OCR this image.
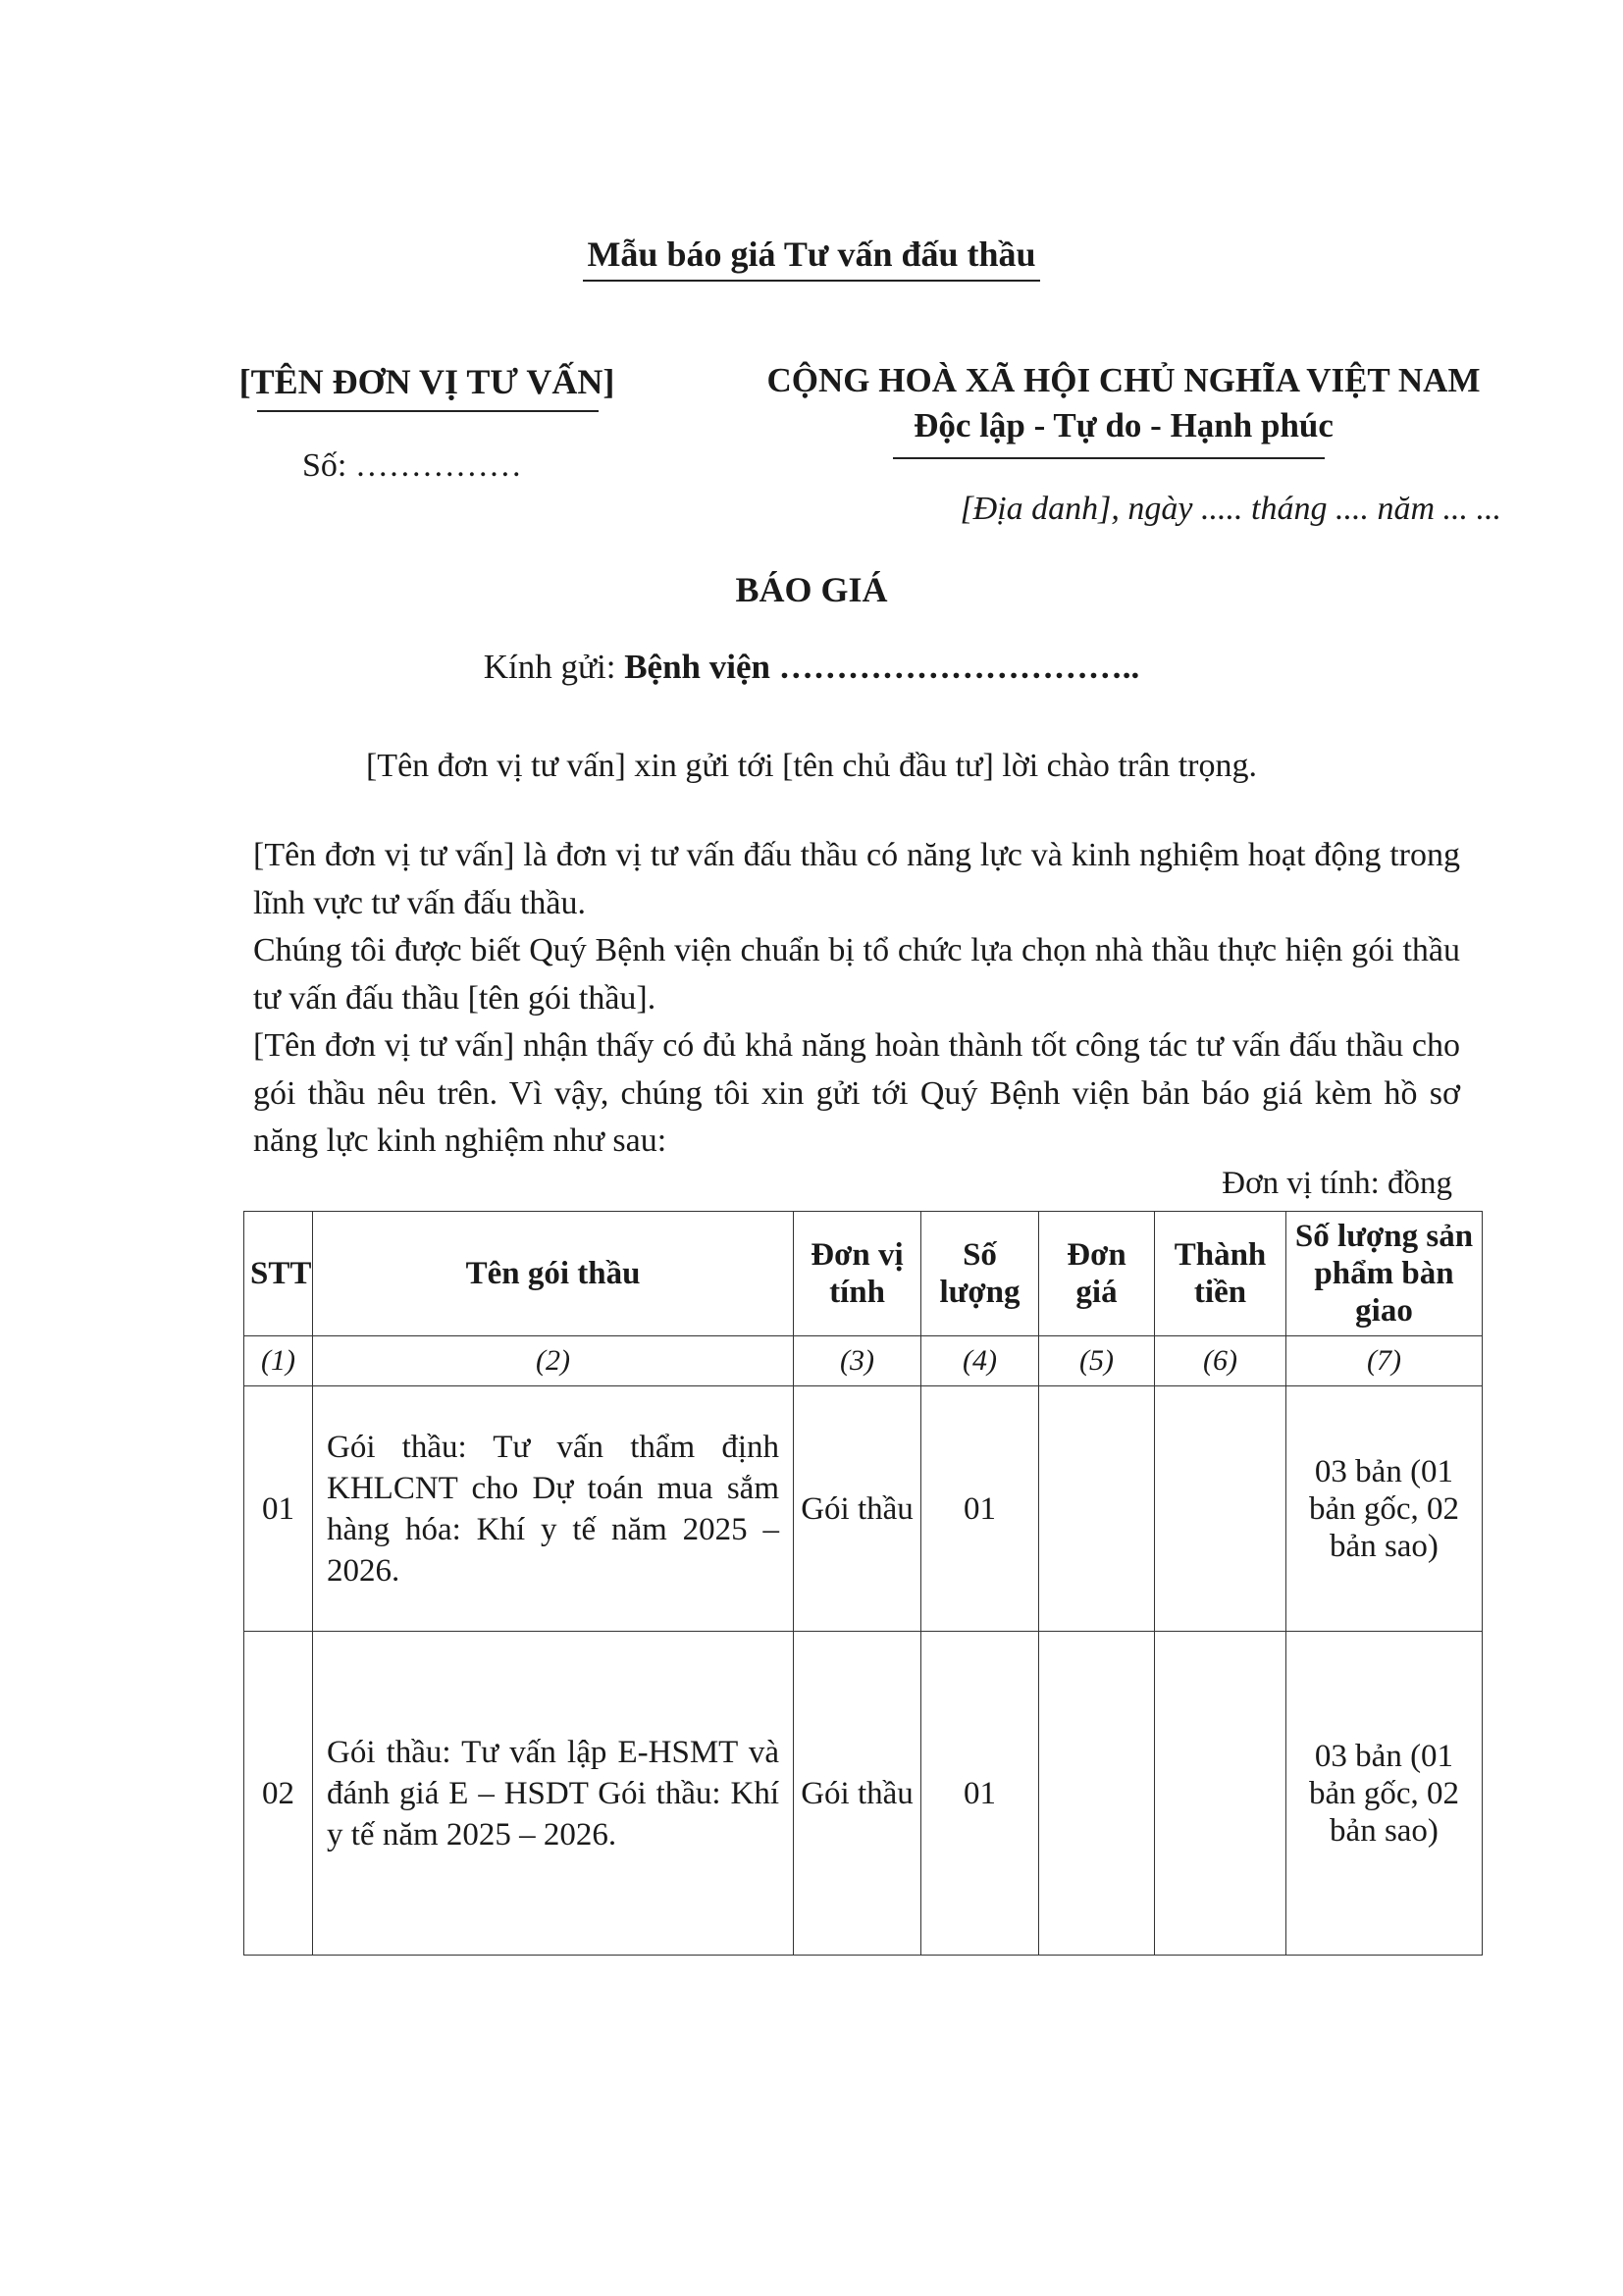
Mẫu báo giá Tư vấn đấu thầu
[TÊN ĐƠN VỊ TƯ VẤN]
Số: ……………
CỘNG HOÀ XÃ HỘI CHỦ NGHĨA VIỆT NAM
Độc lập - Tự do - Hạnh phúc
[Địa danh], ngày ..... tháng .... năm ... ...
BÁO GIÁ
Kính gửi: Bệnh viện …………………………..
[Tên đơn vị tư vấn] xin gửi tới [tên chủ đầu tư] lời chào trân trọng.

[Tên đơn vị tư vấn] là đơn vị tư vấn đấu thầu có năng lực và kinh nghiệm hoạt động trong lĩnh vực tư vấn đấu thầu.

Chúng tôi được biết Quý Bệnh viện chuẩn bị tổ chức lựa chọn nhà thầu thực hiện gói thầu tư vấn đấu thầu [tên gói thầu].

[Tên đơn vị tư vấn] nhận thấy có đủ khả năng hoàn thành tốt công tác tư vấn đấu thầu cho gói thầu nêu trên. Vì vậy, chúng tôi xin gửi tới Quý Bệnh viện bản báo giá kèm hồ sơ năng lực kinh nghiệm như sau:

Đơn vị tính: đồng
STT	Tên gói thầu	Đơn vị tính	Số lượng	Đơn giá	Thành tiền	Số lượng sản phẩm bàn giao
(1)	(2)	(3)	(4)	(5)	(6)	(7)
01	Gói thầu: Tư vấn thẩm định KHLCNT cho Dự toán mua sắm hàng hóa: Khí y tế năm 2025 – 2026.	Gói thầu	01			03 bản (01 bản gốc, 02 bản sao)
02	Gói thầu: Tư vấn lập E-HSMT và đánh giá E – HSDT Gói thầu: Khí y tế năm 2025 – 2026.	Gói thầu	01			03 bản (01 bản gốc, 02 bản sao)
